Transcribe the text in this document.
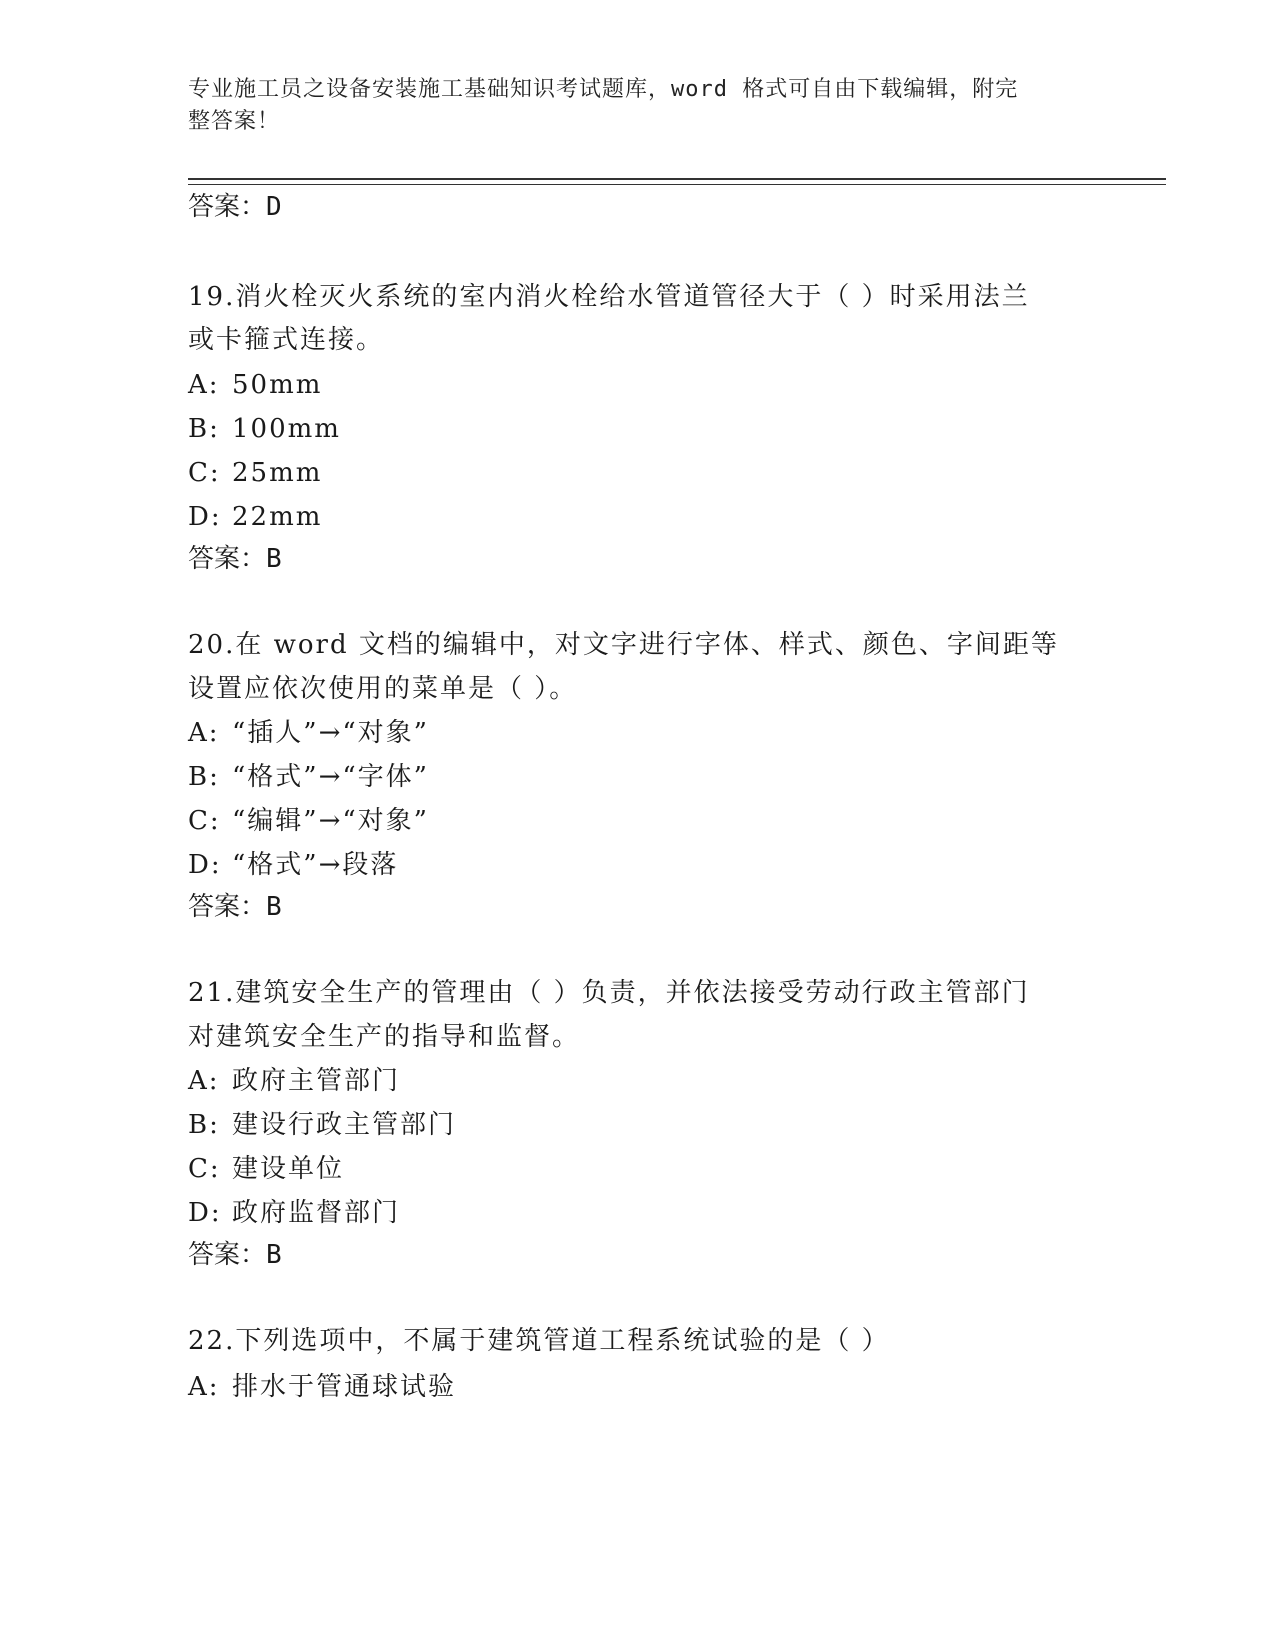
专业施工员之设备安装施工基础知识考试题库，word 格式可自由下载编辑，附完
整答案！
答案：D
19.消火栓灭火系统的室内消火栓给水管道管径大于（ ）时采用法兰
或卡箍式连接。
A: 50mm
B: 100mm
C: 25mm
D: 22mm
答案：B
20.在 word 文档的编辑中，对文字进行字体、样式、颜色、字间距等
设置应依次使用的菜单是（ ）。
A: “插人”→“对象”
B: “格式”→“字体”
C: “编辑”→“对象”
D: “格式”→段落
答案：B
21.建筑安全生产的管理由（ ）负责，并依法接受劳动行政主管部门
对建筑安全生产的指导和监督。
A: 政府主管部门
B: 建设行政主管部门
C: 建设单位
D: 政府监督部门
答案：B
22.下列选项中，不属于建筑管道工程系统试验的是（ ）
A: 排水于管通球试验
